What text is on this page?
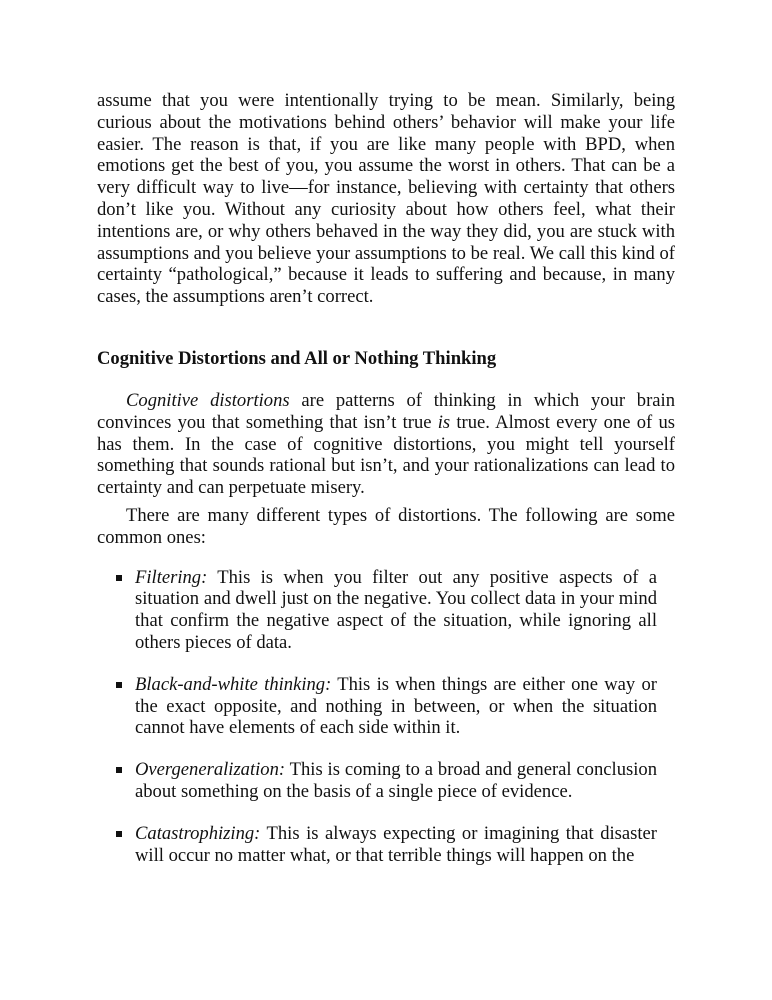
assume that you were intentionally trying to be mean. Similarly, being curious about the motivations behind others’ behavior will make your life easier. The reason is that, if you are like many people with BPD, when emotions get the best of you, you assume the worst in others. That can be a very difficult way to live—for instance, believing with certainty that others don’t like you. Without any curiosity about how others feel, what their intentions are, or why others behaved in the way they did, you are stuck with assumptions and you believe your assumptions to be real. We call this kind of certainty “pathological,” because it leads to suffering and because, in many cases, the assumptions aren’t correct.

Cognitive Distortions and All or Nothing Thinking

Cognitive distortions are patterns of thinking in which your brain convinces you that something that isn’t true is true. Almost every one of us has them. In the case of cognitive distortions, you might tell yourself something that sounds rational but isn’t, and your rationalizations can lead to certainty and can perpetuate misery.

There are many different types of distortions. The following are some common ones:

Filtering: This is when you filter out any positive aspects of a situation and dwell just on the negative. You collect data in your mind that confirm the negative aspect of the situation, while ignoring all others pieces of data.
Black-and-white thinking: This is when things are either one way or the exact opposite, and nothing in between, or when the situation cannot have elements of each side within it.
Overgeneralization: This is coming to a broad and general conclusion about something on the basis of a single piece of evidence.
Catastrophizing: This is always expecting or imagining that disaster will occur no matter what, or that terrible things will happen on the
